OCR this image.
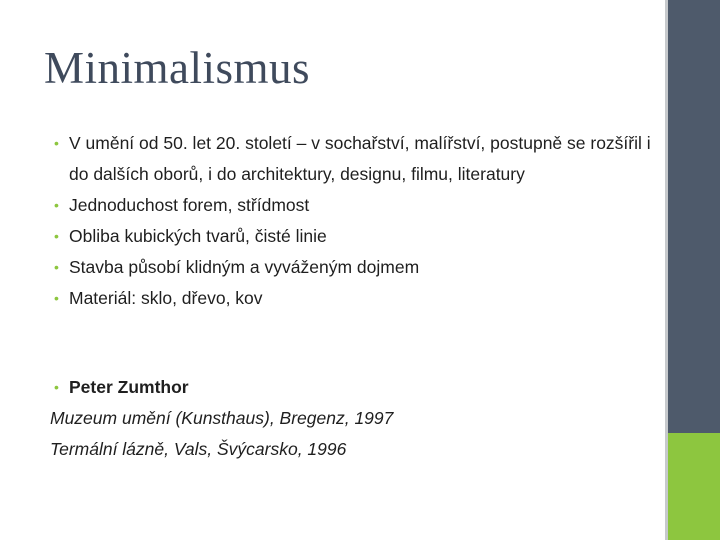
Minimalismus
• V umění od 50. let 20. století – v sochařství, malířství, postupně se rozšířil i do dalších oborů, i do architektury, designu, filmu, literatury
• Jednoduchost forem, střídmost
• Obliba kubických tvarů, čisté linie
• Stavba působí klidným a vyváženým dojmem
• Materiál: sklo, dřevo, kov
• Peter Zumthor
Muzeum umění (Kunsthaus), Bregenz, 1997
Termální lázně, Vals, Švýcarsko, 1996
